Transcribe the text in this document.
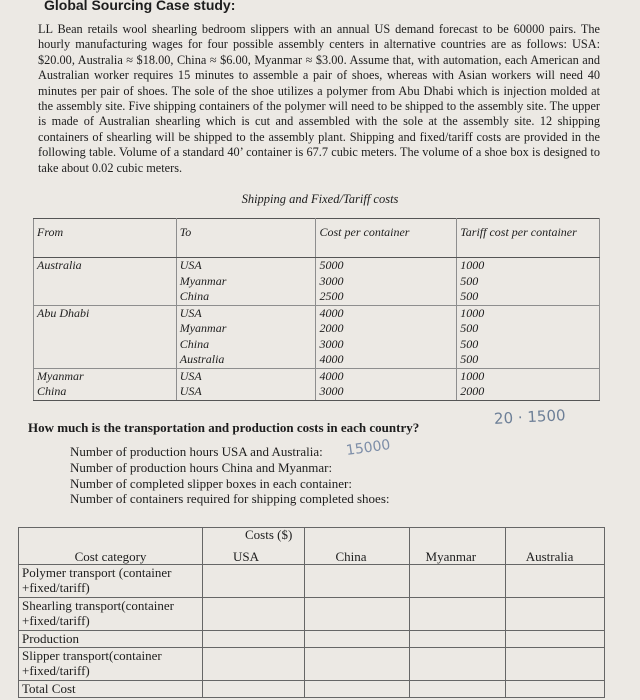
Global Sourcing Case study:
LL Bean retails wool shearling bedroom slippers with an annual US demand forecast to be 60000 pairs. The hourly manufacturing wages for four possible assembly centers in alternative countries are as follows: USA: $20.00, Australia ≈ $18.00, China ≈ $6.00, Myanmar ≈ $3.00. Assume that, with automation, each American and Australian worker requires 15 minutes to assemble a pair of shoes, whereas with Asian workers will need 40 minutes per pair of shoes. The sole of the shoe utilizes a polymer from Abu Dhabi which is injection molded at the assembly site. Five shipping containers of the polymer will need to be shipped to the assembly site. The upper is made of Australian shearling which is cut and assembled with the sole at the assembly site. 12 shipping containers of shearling will be shipped to the assembly plant. Shipping and fixed/tariff costs are provided in the following table. Volume of a standard 40’ container is 67.7 cubic meters. The volume of a shoe box is designed to take about 0.02 cubic meters.
Shipping and Fixed/Tariff costs
From	To	Cost per container	Tariff cost per container
Australia	USA	5000	1000
	Myanmar	3000	500
	China	2500	500
Abu Dhabi	USA	4000	1000
	Myanmar	2000	500
	China	3000	500
	Australia	4000	500
Myanmar	USA	4000	1000
China	USA	3000	2000
20 · 1500
How much is the transportation and production costs in each country?
Number of production hours USA and Australia:
Number of production hours China and Myanmar:
Number of completed slipper boxes in each container:
Number of containers required for shipping completed shoes:
15000
Cost category	Costs ($)
USA	China	Myanmar	Australia
Polymer transport (container +fixed/tariff)				
Shearling transport(container +fixed/tariff)				
Production				
Slipper transport(container +fixed/tariff)				
Total Cost				
